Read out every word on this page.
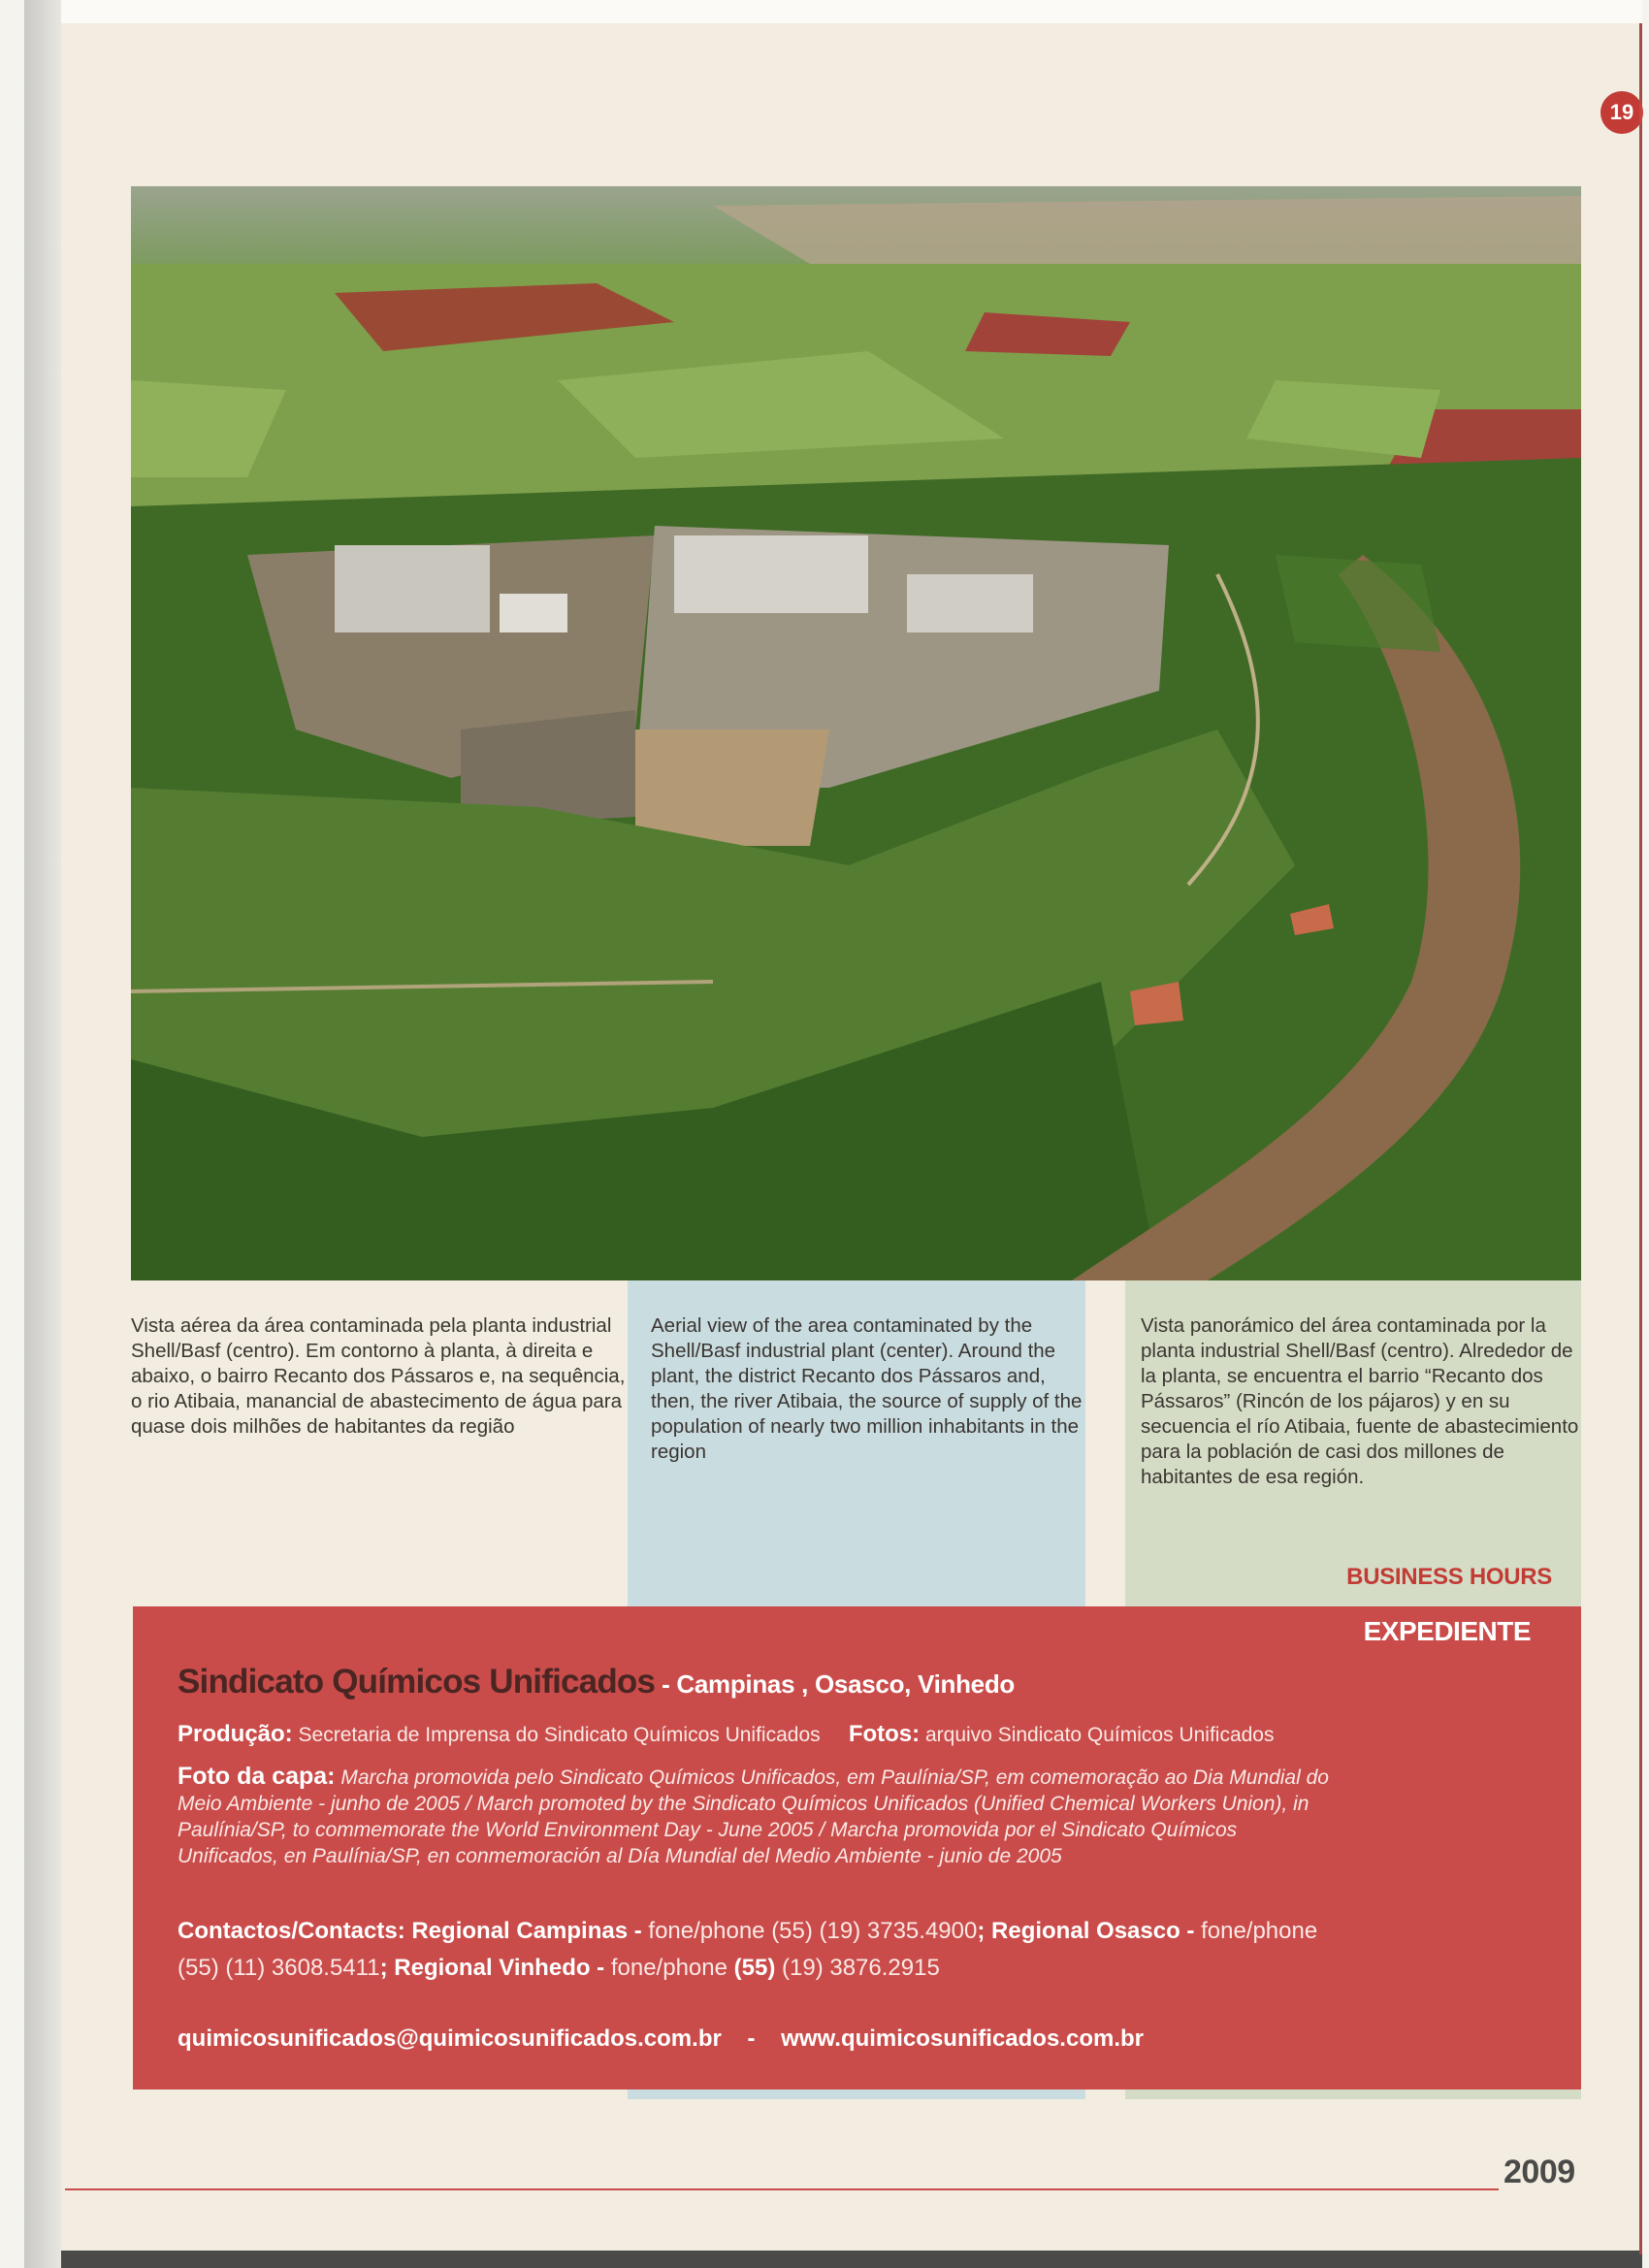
19
Aerial view of the area contaminated by the Shell/Basf industrial plant (center). Around the plant, the district Recanto dos Pássaros and, then, the river Atibaia, the source of supply of the population of nearly two million inhabitants in the region
Vista panorámico del área contaminada por la planta industrial Shell/Basf (centro). Alrededor de la planta, se encuentra el barrio “Recanto dos Pássaros” (Rincón de los pájaros) y en su secuencia el río Atibaia, fuente de abastecimiento para la población de casi dos millones de habitantes de esa región.
Vista aérea da área contaminada pela planta industrial Shell/Basf (centro). Em contorno à planta, à direita e abaixo, o bairro Recanto dos Pássaros e, na sequência, o rio Atibaia, manancial de abastecimento de água para quase dois milhões de habitantes da região
BUSINESS HOURS
EXPEDIENTE
Sindicato Químicos Unificados - Campinas , Osasco, Vinhedo
Produção: Secretaria de Imprensa do Sindicato Químicos Unificados Fotos: arquivo Sindicato Químicos Unificados
Foto da capa: Marcha promovida pelo Sindicato Químicos Unificados, em Paulínia/SP, em comemoração ao Dia Mundial do Meio Ambiente - junho de 2005 / March promoted by the Sindicato Químicos Unificados (Unified Chemical Workers Union), in Paulínia/SP, to commemorate the World Environment Day - June 2005 / Marcha promovida por el Sindicato Químicos Unificados, en Paulínia/SP, en conmemoración al Día Mundial del Medio Ambiente - junio de 2005
Contactos/Contacts: Regional Campinas - fone/phone (55) (19) 3735.4900; Regional Osasco - fone/phone (55) (11) 3608.5411; Regional Vinhedo - fone/phone (55) (19) 3876.2915
quimicosunificados@quimicosunificados.com.br - www.quimicosunificados.com.br
2009
